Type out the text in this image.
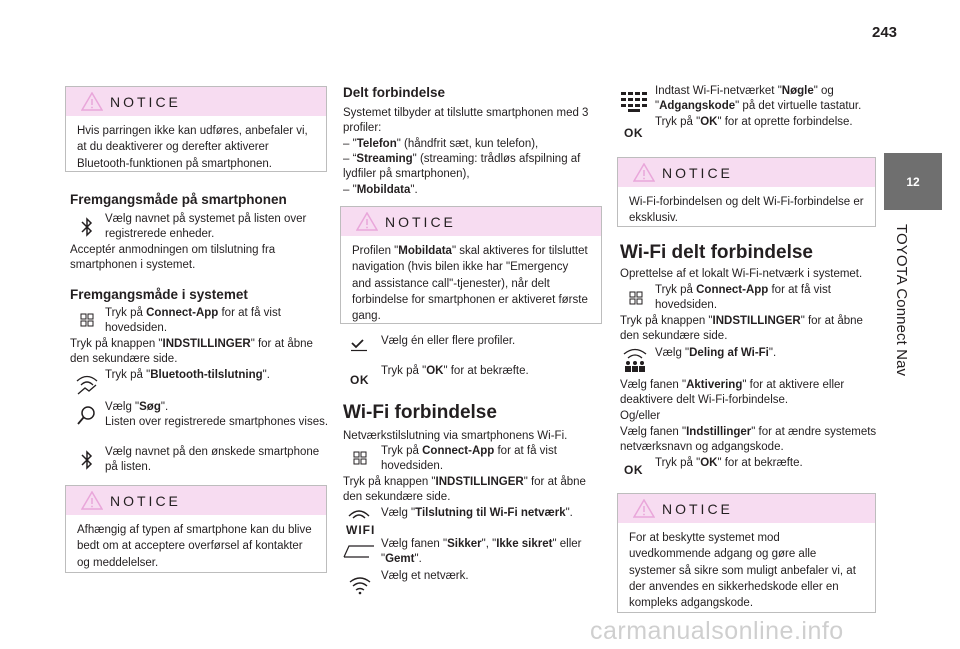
243
12
TOYOTA Connect Nav
NOTICE
Hvis parringen ikke kan udføres, anbefaler vi, at du deaktiverer og derefter aktiverer Bluetooth-funktionen på smartphonen.
Fremgangsmåde på smartphonen
Vælg navnet på systemet på listen over registrerede enheder.
Acceptér anmodningen om tilslutning fra smartphonen i systemet.
Fremgangsmåde i systemet
Tryk på Connect-App for at få vist hovedsiden.
Tryk på knappen "INDSTILLINGER" for at åbne den sekundære side.
Tryk på "Bluetooth-tilslutning".
Vælg "Søg".
Listen over registrerede smartphones vises.
Vælg navnet på den ønskede smartphone på listen.
NOTICE
Afhængig af typen af smartphone kan du blive bedt om at acceptere overførsel af kontakter og meddelelser.
Delt forbindelse
Systemet tilbyder at tilslutte smartphonen med 3 profiler:
– "Telefon" (håndfrit sæt, kun telefon),
– “Streaming" (streaming: trådløs afspilning af lydfiler på smartphonen),
– "Mobildata".
NOTICE
Profilen "Mobildata" skal aktiveres for tilsluttet navigation (hvis bilen ikke har "Emergency and assistance call"-tjenester), når delt forbindelse for smartphonen er aktiveret første gang.
Vælg én eller flere profiler.
OK
Tryk på "OK" for at bekræfte.
Wi-Fi forbindelse
Netværkstilslutning via smartphonens Wi-Fi.
Tryk på Connect-App for at få vist hovedsiden.
Tryk på knappen "INDSTILLINGER" for at åbne den sekundære side.
WIFI
Vælg "Tilslutning til Wi-Fi netværk".
Vælg fanen "Sikker", "Ikke sikret" eller "Gemt".
Vælg et netværk.
Indtast Wi-Fi-netværket "Nøgle" og "Adgangskode" på det virtuelle tastatur.
OK
Tryk på "OK" for at oprette forbindelse.
NOTICE
Wi-Fi-forbindelsen og delt Wi-Fi-forbindelse er eksklusiv.
Wi-Fi delt forbindelse
Oprettelse af et lokalt Wi-Fi-netværk i systemet.
Tryk på Connect-App for at få vist hovedsiden.
Tryk på knappen "INDSTILLINGER" for at åbne den sekundære side.
Vælg "Deling af Wi-Fi".
Vælg fanen "Aktivering" for at aktivere eller deaktivere delt Wi-Fi-forbindelse.
Og/eller
Vælg fanen "Indstillinger" for at ændre systemets netværksnavn og adgangskode.
OK Tryk på "OK" for at bekræfte.
NOTICE
For at beskytte systemet mod uvedkommende adgang og gøre alle systemer så sikre som muligt anbefaler vi, at der anvendes en sikkerhedskode eller en kompleks adgangskode.
carmanualsonline.info
